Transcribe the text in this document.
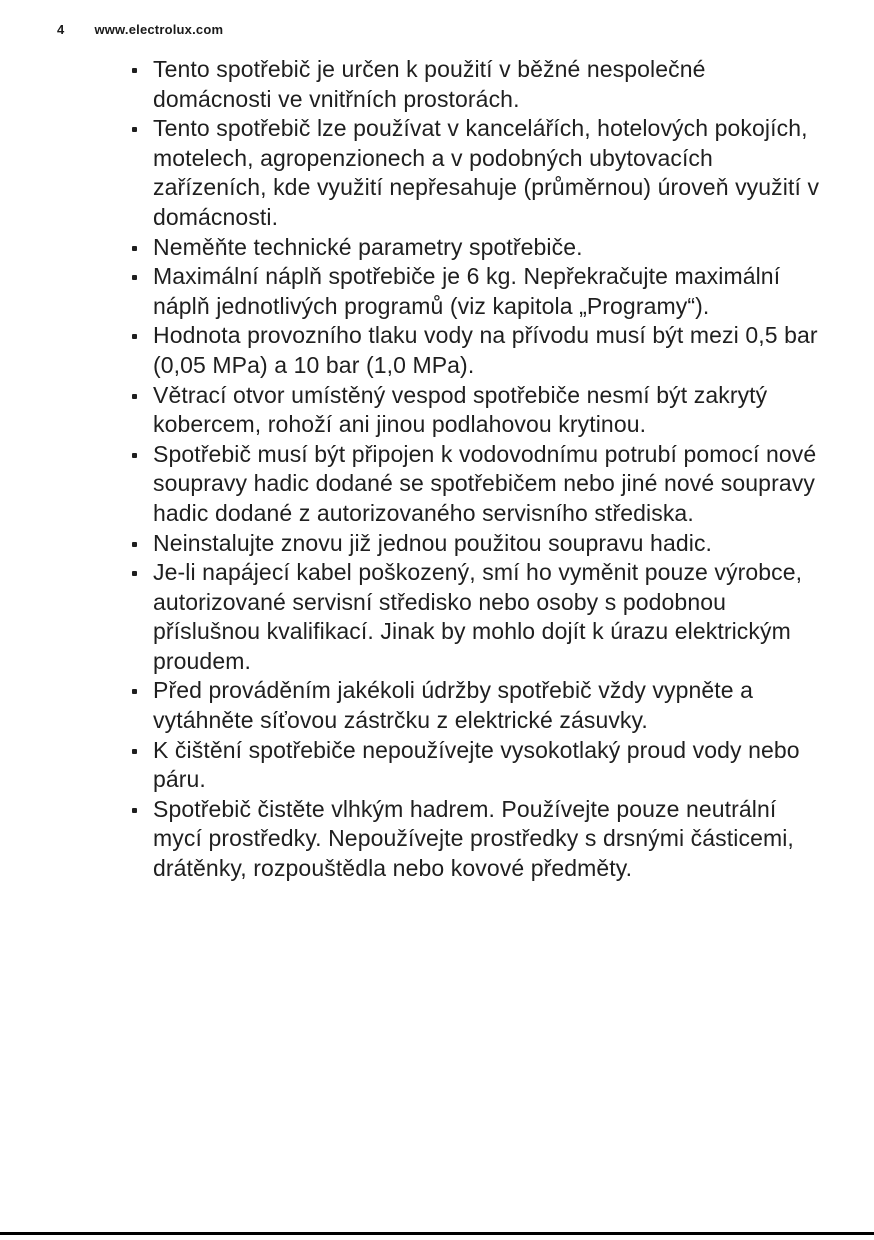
4 www.electrolux.com
Tento spotřebič je určen k použití v běžné nespolečné domácnosti ve vnitřních prostorách.
Tento spotřebič lze používat v kancelářích, hotelových pokojích, motelech, agropenzionech a v podobných ubytovacích zařízeních, kde využití nepřesahuje (průměrnou) úroveň využití v domácnosti.
Neměňte technické parametry spotřebiče.
Maximální náplň spotřebiče je 6 kg. Nepřekračujte maximální náplň jednotlivých programů (viz kapitola „Programy“).
Hodnota provozního tlaku vody na přívodu musí být mezi 0,5 bar (0,05 MPa) a 10 bar (1,0 MPa).
Větrací otvor umístěný vespod spotřebiče nesmí být zakrytý kobercem, rohoží ani jinou podlahovou krytinou.
Spotřebič musí být připojen k vodovodnímu potrubí pomocí nové soupravy hadic dodané se spotřebičem nebo jiné nové soupravy hadic dodané z autorizovaného servisního střediska.
Neinstalujte znovu již jednou použitou soupravu hadic.
Je-li napájecí kabel poškozený, smí ho vyměnit pouze výrobce, autorizované servisní středisko nebo osoby s podobnou příslušnou kvalifikací. Jinak by mohlo dojít k úrazu elektrickým proudem.
Před prováděním jakékoli údržby spotřebič vždy vypněte a vytáhněte síťovou zástrčku z elektrické zásuvky.
K čištění spotřebiče nepoužívejte vysokotlaký proud vody nebo páru.
Spotřebič čistěte vlhkým hadrem. Používejte pouze neutrální mycí prostředky. Nepoužívejte prostředky s drsnými částicemi, drátěnky, rozpouštědla nebo kovové předměty.
